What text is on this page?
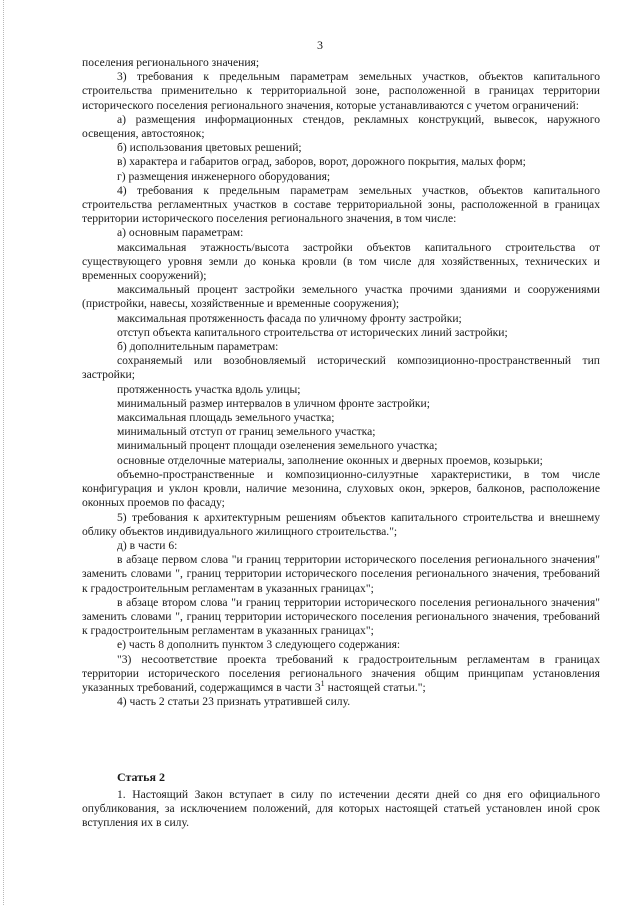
3

поселения регионального значения;

3) требования к предельным параметрам земельных участков, объектов капитального строительства применительно к территориальной зоне, расположенной в границах территории исторического поселения регионального значения, которые устанавливаются с учетом ограничений:

а) размещения информационных стендов, рекламных конструкций, вывесок, наружного освещения, автостоянок;

б) использования цветовых решений;

в) характера и габаритов оград, заборов, ворот, дорожного покрытия, малых форм;

г) размещения инженерного оборудования;

4) требования к предельным параметрам земельных участков, объектов капитального строительства регламентных участков в составе территориальной зоны, расположенной в границах территории исторического поселения регионального значения, в том числе:

а) основным параметрам:

максимальная этажность/высота застройки объектов капитального строительства от существующего уровня земли до конька кровли (в том числе для хозяйственных, технических и временных сооружений);

максимальный процент застройки земельного участка прочими зданиями и сооружениями (пристройки, навесы, хозяйственные и временные сооружения);

максимальная протяженность фасада по уличному фронту застройки;

отступ объекта капитального строительства от исторических линий застройки;

б) дополнительным параметрам:

сохраняемый или возобновляемый исторический композиционно-пространственный тип застройки;

протяженность участка вдоль улицы;

минимальный размер интервалов в уличном фронте застройки;

максимальная площадь земельного участка;

минимальный отступ от границ земельного участка;

минимальный процент площади озеленения земельного участка;

основные отделочные материалы, заполнение оконных и дверных проемов, козырьки;

объемно-пространственные и композиционно-силуэтные характеристики, в том числе конфигурация и уклон кровли, наличие мезонина, слуховых окон, эркеров, балконов, расположение оконных проемов по фасаду;

5) требования к архитектурным решениям объектов капитального строительства и внешнему облику объектов индивидуального жилищного строительства.";

д) в части 6:

в абзаце первом слова "и границ территории исторического поселения регионального значения" заменить словами ", границ территории исторического поселения регионального значения, требований к градостроительным регламентам в указанных границах";

в абзаце втором слова "и границ территории исторического поселения регионального значения" заменить словами ", границ территории исторического поселения регионального значения, требований к градостроительным регламентам в указанных границах";

е) часть 8 дополнить пунктом 3 следующего содержания:

"3) несоответствие проекта требований к градостроительным регламентам в границах территории исторического поселения регионального значения общим принципам установления указанных требований, содержащимся в части $3^1$ настоящей статьи.";

4) часть 2 статьи 23 признать утратившей силу.

Статья 2

1. Настоящий Закон вступает в силу по истечении десяти дней со дня его официального опубликования, за исключением положений, для которых настоящей статьей установлен иной срок вступления их в силу.
